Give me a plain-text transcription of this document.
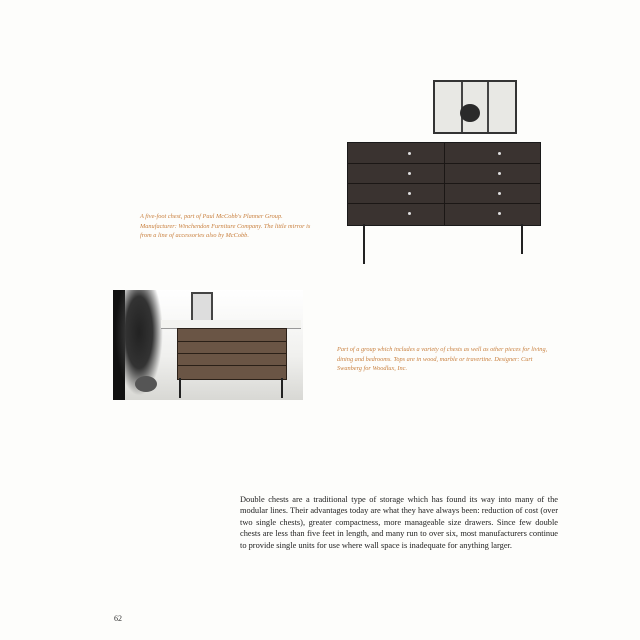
A five-foot chest, part of Paul McCobb's Planner Group. Manufacturer: Winchendon Furniture Company. The little mirror is from a line of accessories also by McCobb.
Part of a group which includes a variety of chests as well as other pieces for living, dining and bedrooms. Tops are in wood, marble or travertine. Designer: Curt Swanberg for Woodlux, Inc.
Double chests are a traditional type of storage which has found its way into many of the modular lines. Their advantages today are what they have always been: reduction of cost (over two single chests), greater compactness, more manageable size drawers. Since few double chests are less than five feet in length, and many run to over six, most manufacturers continue to provide single units for use where wall space is inadequate for anything larger.
62
